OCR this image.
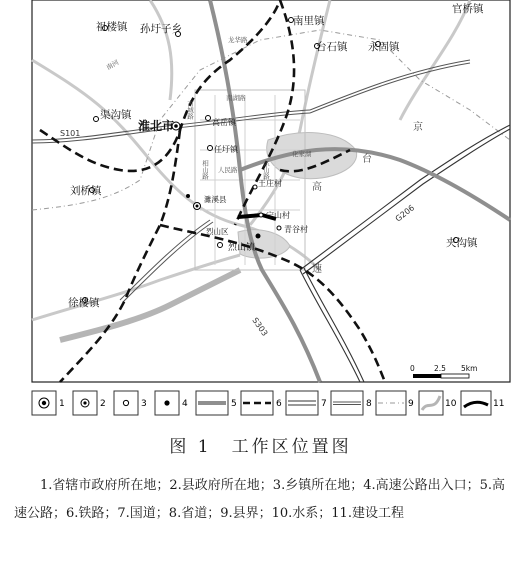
祖楼镇 孙圩子乡
南里镇
台石镇 永固镇
官桥镇
渠沟镇
淮北市	高岳镇
任圩镇
刘桥镇
烈山镇
王庄村
宁山村
青谷村
夹沟镇
徐楼镇
烈山区
濉溪县
S101
G206
S303
龙华路
南湖路
古城路
东山路
人民路
相山路
南河
台
高
速
京
化家湖
0	2.5 5km
1	2	3	4	5	6	7	8	9	10	11
图 1　工作区位置图
1.省辖市政府所在地；2.县政府所在地；3.乡镇所在地；4.高速公路出入口；5.高速公路；6.铁路；7.国道；8.省道；9.县界；10.水系；11.建设工程
